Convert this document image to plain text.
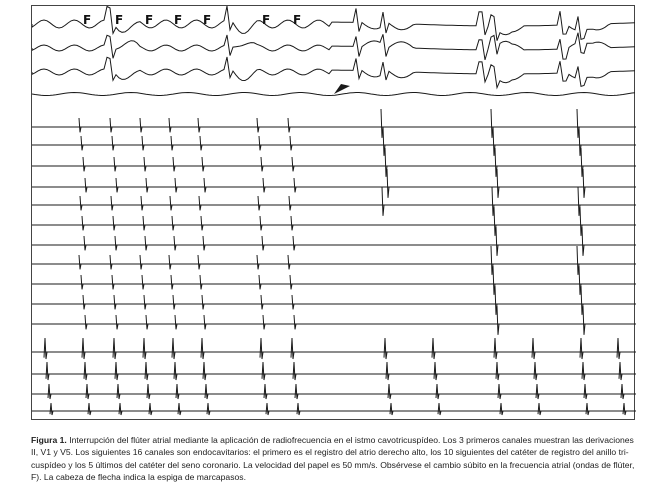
F F F F F	F F

Figura 1. Interrupción del flúter atrial mediante la aplicación de radiofrecuencia en el istmo cavotricuspídeo. Los 3 primeros canales muestran las derivaciones II, V1 y V5. Los siguientes 16 canales son endocavitarios: el primero es el registro del atrio derecho alto, los 10 siguientes del catéter de registro del anillo tri-cuspídeo y los 5 últimos del catéter del seno coronario. La velocidad del papel es 50 mm/s. Obsérvese el cambio súbito en la frecuencia atrial (ondas de flúter, F). La cabeza de flecha indica la espiga de marcapasos.
